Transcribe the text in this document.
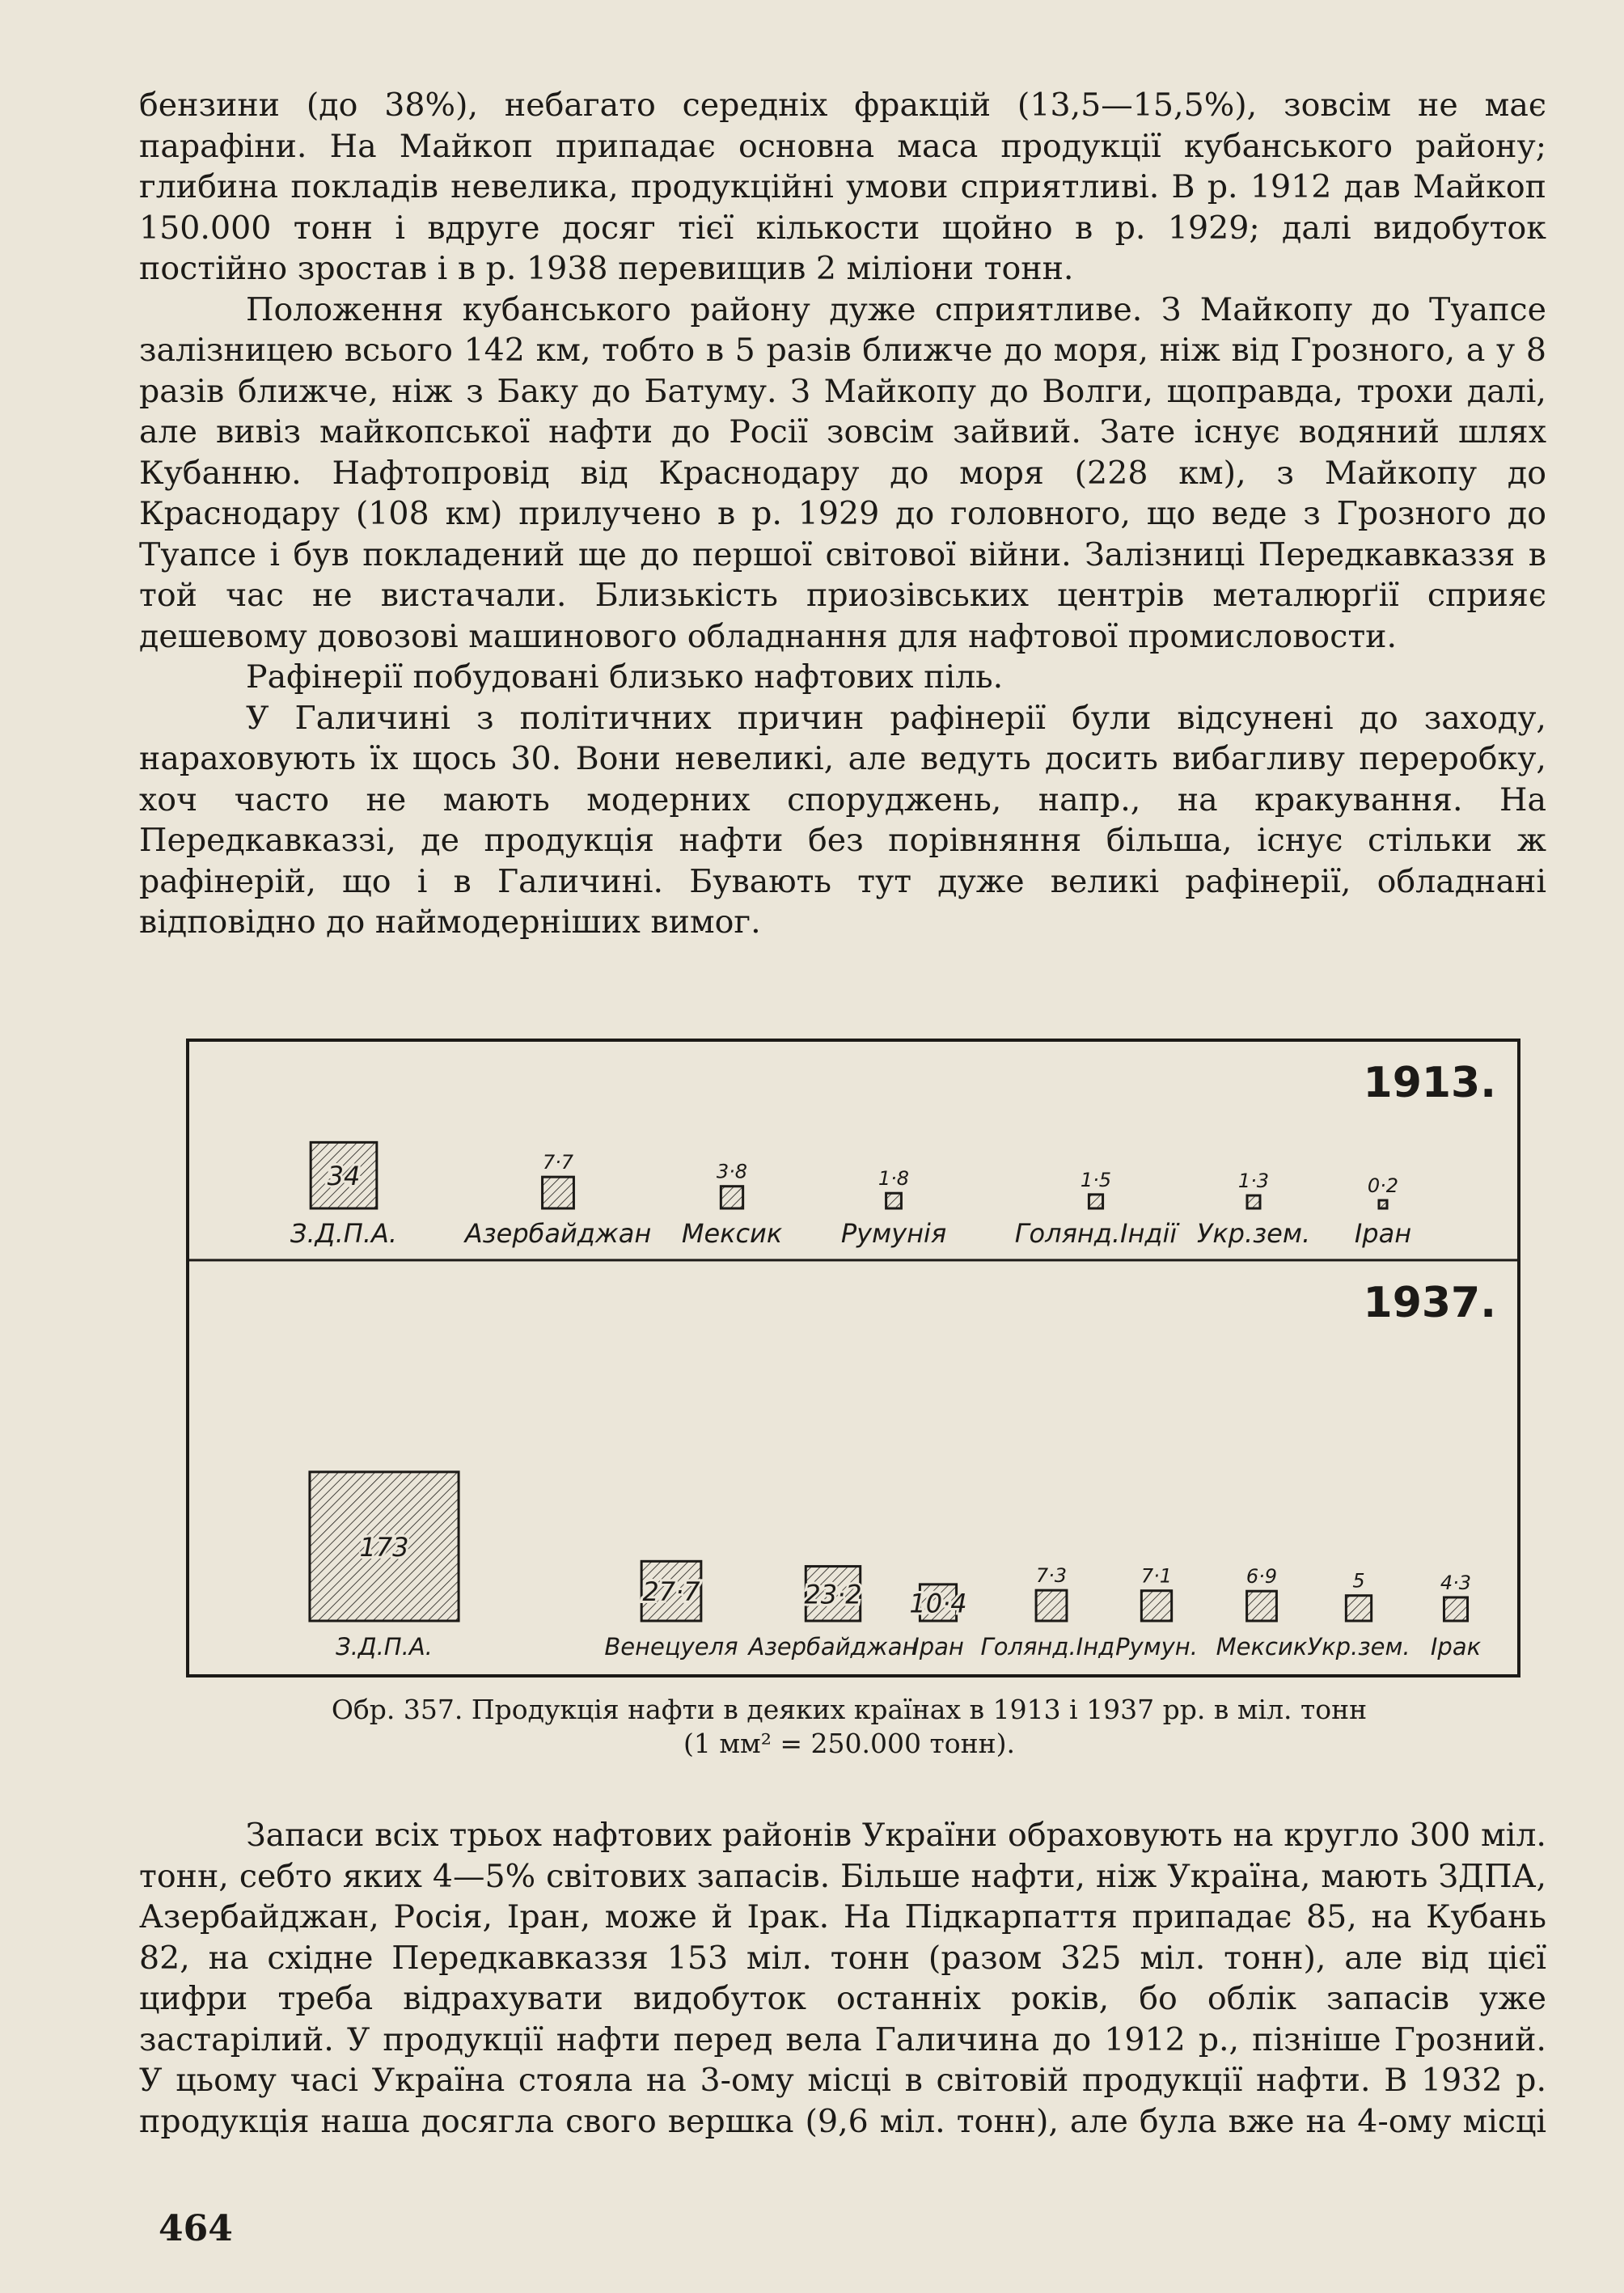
бензини (до 38%), небагато середніх фракцій (13,5—15,5%), зовсім не має парафіни. На Майкоп припадає основна маса продукції кубанського району; глибина покладів невелика, продукційні умови сприятливі. В р. 1912 дав Майкоп 150.000 тонн і вдруге досяг тієї кількости щойно в р. 1929; далі видобуток постійно зростав і в р. 1938 перевищив 2 міліони тонн.

Положення кубанського району дуже сприятливе. З Майкопу до Туапсе залізницею всього 142 км, тобто в 5 разів ближче до моря, ніж від Грозного, а у 8 разів ближче, ніж з Баку до Батуму. З Майкопу до Волги, щоправда, трохи далі, але вивіз майкопської нафти до Росії зовсім зайвий. Зате існує водяний шлях Кубанню. Нафтопровід від Краснодару до моря (228 км), з Майкопу до Краснодару (108 км) прилучено в р. 1929 до головного, що веде з Грозного до Туапсе і був покладений ще до першої світової війни. Залізниці Передкавказзя в той час не вистачали. Близькість приозівських центрів металюрґії сприяє дешевому довозові машинового обладнання для нафтової промисловости.

Рафінерії побудовані близько нафтових піль.

У Галичині з політичних причин рафінерії були відсунені до заходу, нараховують їх щось 30. Вони невеликі, але ведуть досить вибагливу переробку, хоч часто не мають модерних споруджень, напр., на кракування. На Передкавказзі, де продукція нафти без порівняння більша, існує стільки ж рафінерій, що і в Галичині. Бувають тут дуже великі рафінерії, обладнані відповідно до наймодерніших вимог.

1913.
34
З.Д.П.А.
7·7
Азербайджан
3·8
Мексик
1·8
Румунія
1·5
Голянд.Індії
1·3
Укр.зем.
0·2
Іран
1937.
173
З.Д.П.А.
27·7
Венецуеля
23·2
Азербайджан
10·4
Іран
7·3
Голянд.Інд.
7·1
Румун.
6·9
Мексик
5
Укр.зем.
4·3
Ірак

Обр. 357. Продукція нафти в деяких країнах в 1913 і 1937 рр. в міл. тонн
(1 мм² = 250.000 тонн).

Запаси всіх трьох нафтових районів України обраховують на кругло 300 міл. тонн, себто яких 4—5% світових запасів. Більше нафти, ніж Україна, мають ЗДПА, Азербайджан, Росія, Іран, може й Ірак. На Підкарпаття припадає 85, на Кубань 82, на східне Передкавказзя 153 міл. тонн (разом 325 міл. тонн), але від цієї цифри треба відрахувати видобуток останніх років, бо облік запасів уже застарілий. У продукції нафти перед вела Галичина до 1912 р., пізніше Грозний. У цьому часі Україна стояла на 3-ому місці в світовій продукції нафти. В 1932 р. продукція наша досягла свого вершка (9,6 міл. тонн), але була вже на 4-ому місці

464
